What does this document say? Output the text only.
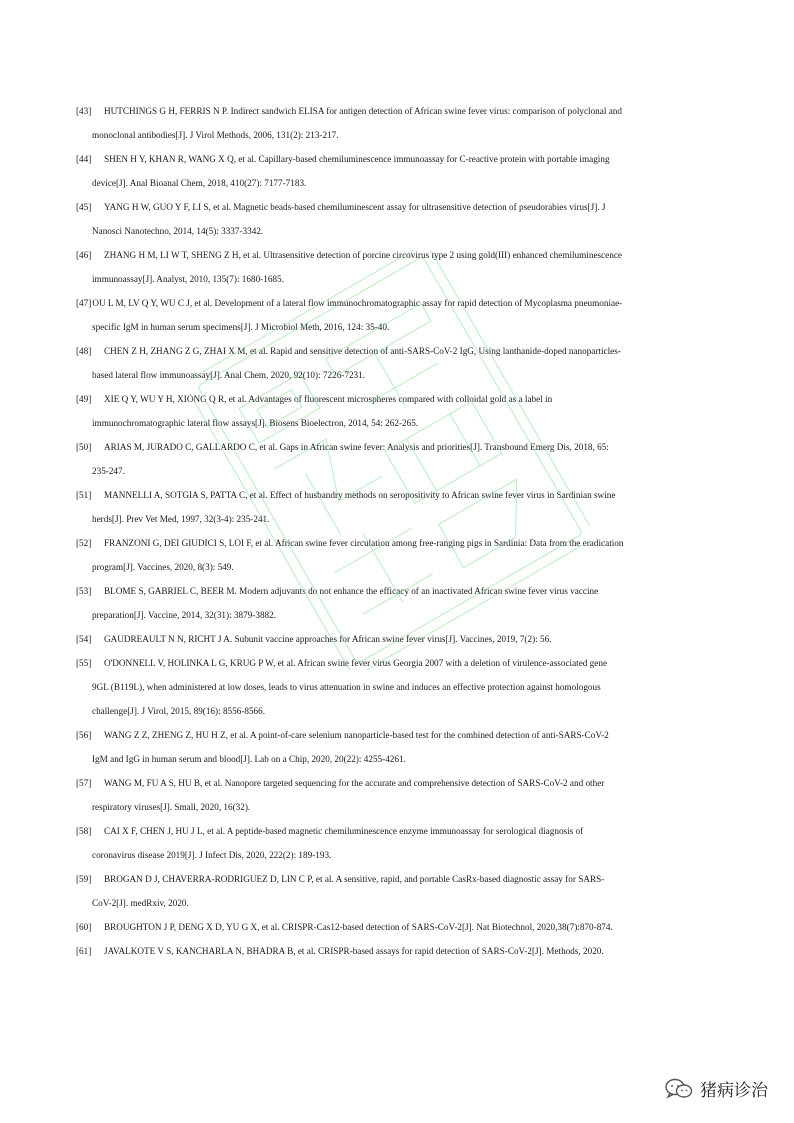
[43] HUTCHINGS G H, FERRIS N P. Indirect sandwich ELISA for antigen detection of African swine fever virus: comparison of polyclonal and
monoclonal antibodies[J]. J Virol Methods, 2006, 131(2): 213-217.
[44] SHEN H Y, KHAN R, WANG X Q, et al. Capillary-based chemiluminescence immunoassay for C-reactive protein with portable imaging
device[J]. Anal Bioanal Chem, 2018, 410(27): 7177-7183.
[45] YANG H W, GUO Y F, LI S, et al. Magnetic beads-based chemiluminescent assay for ultrasensitive detection of pseudorabies virus[J]. J
Nanosci Nanotechno, 2014, 14(5): 3337-3342.
[46] ZHANG H M, LI W T, SHENG Z H, et al. Ultrasensitive detection of porcine circovirus type 2 using gold(III) enhanced chemiluminescence
immunoassay[J]. Analyst, 2010, 135(7): 1680-1685.
[47]OU L M, LV Q Y, WU C J, et al. Development of a lateral flow immunochromatographic assay for rapid detection of Mycoplasma pneumoniae-
specific IgM in human serum specimens[J]. J Microbiol Meth, 2016, 124: 35-40.
[48] CHEN Z H, ZHANG Z G, ZHAI X M, et al. Rapid and sensitive detection of anti-SARS-CoV-2 IgG, Using lanthanide-doped nanoparticles-
based lateral flow immunoassay[J]. Anal Chem, 2020, 92(10): 7226-7231.
[49] XIE Q Y, WU Y H, XIONG Q R, et al. Advantages of fluorescent microspheres compared with colloidal gold as a label in
immunochromatographic lateral flow assays[J]. Biosens Bioelectron, 2014, 54: 262-265.
[50] ARIAS M, JURADO C, GALLARDO C, et al. Gaps in African swine fever: Analysis and priorities[J]. Transbound Emerg Dis, 2018, 65:
235-247.
[51] MANNELLI A, SOTGIA S, PATTA C, et al. Effect of husbandry methods on seropositivity to African swine fever virus in Sardinian swine
herds[J]. Prev Vet Med, 1997, 32(3-4): 235-241.
[52] FRANZONI G, DEI GIUDICI S, LOI F, et al. African swine fever circulation among free-ranging pigs in Sardinia: Data from the eradication
program[J]. Vaccines, 2020, 8(3): 549.
[53] BLOME S, GABRIEL C, BEER M. Modern adjuvants do not enhance the efficacy of an inactivated African swine fever virus vaccine
preparation[J]. Vaccine, 2014, 32(31): 3879-3882.
[54] GAUDREAULT N N, RICHT J A. Subunit vaccine approaches for African swine fever virus[J]. Vaccines, 2019, 7(2): 56.
[55] O'DONNELL V, HOLINKA L G, KRUG P W, et al. African swine fever virus Georgia 2007 with a deletion of virulence-associated gene
9GL (B119L), when administered at low doses, leads to virus attenuation in swine and induces an effective protection against homologous
challenge[J]. J Virol, 2015, 89(16): 8556-8566.
[56] WANG Z Z, ZHENG Z, HU H Z, et al. A point-of-care selenium nanoparticle-based test for the combined detection of anti-SARS-CoV-2
IgM and IgG in human serum and blood[J]. Lab on a Chip, 2020, 20(22): 4255-4261.
[57] WANG M, FU A S, HU B, et al. Nanopore targeted sequencing for the accurate and comprehensive detection of SARS-CoV-2 and other
respiratory viruses[J]. Small, 2020, 16(32).
[58] CAI X F, CHEN J, HU J L, et al. A peptide-based magnetic chemiluminescence enzyme immunoassay for serological diagnosis of
coronavirus disease 2019[J]. J Infect Dis, 2020, 222(2): 189-193.
[59] BROGAN D J, CHAVERRA-RODRIGUEZ D, LIN C P, et al. A sensitive, rapid, and portable CasRx-based diagnostic assay for SARS-
CoV-2[J]. medRxiv, 2020.
[60] BROUGHTON J P, DENG X D, YU G X, et al. CRISPR-Cas12-based detection of SARS-CoV-2[J]. Nat Biotechnol, 2020,38(7):870-874.
[61] JAVALKOTE V S, KANCHARLA N, BHADRA B, et al. CRISPR-based assays for rapid detection of SARS-CoV-2[J]. Methods, 2020.
猪病诊治
